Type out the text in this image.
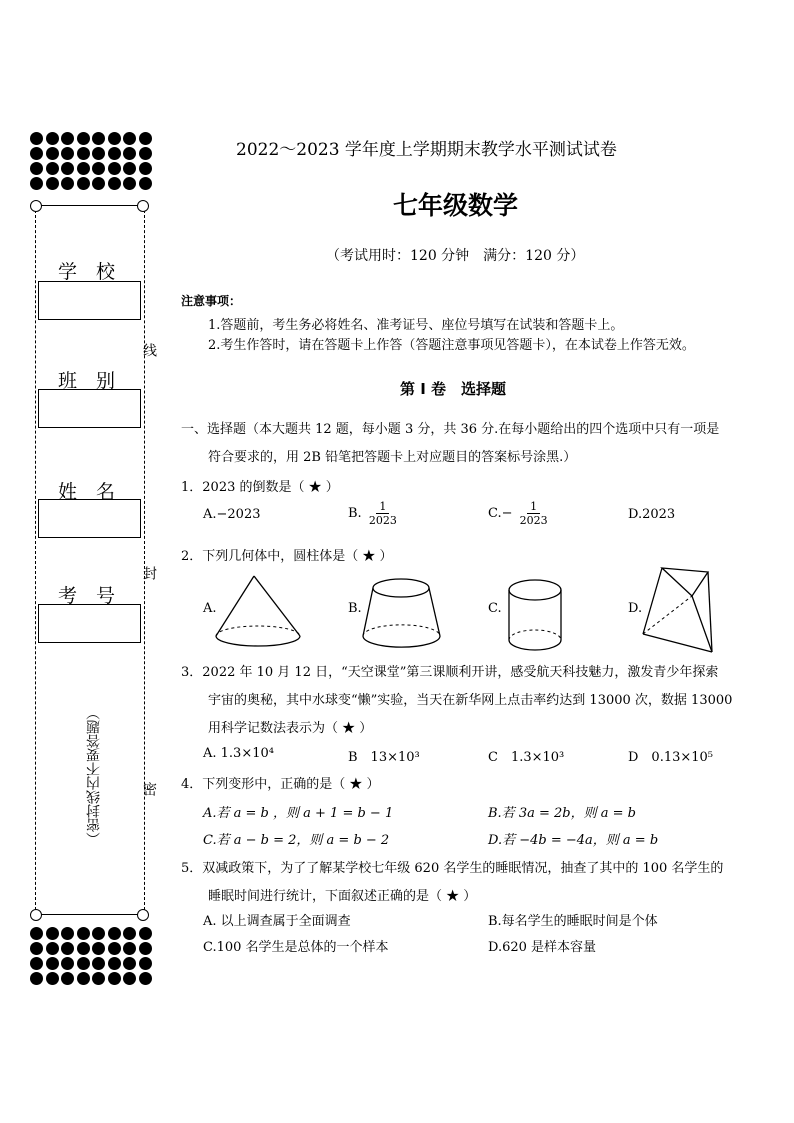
学　校
班　别
姓　名
考　号
线
封
密
（密封线内不要答题）
2022～2023 学年度上学期期末教学水平测试试卷
七年级数学
（考试用时：120 分钟　满分：120 分）
注意事项：
1.答题前，考生务必将姓名、准考证号、座位号填写在试装和答题卡上。
2.考生作答时，请在答题卡上作答（答题注意事项见答题卡），在本试卷上作答无效。
第 I 卷　选择题
一、选择题（本大题共 12 题，每小题 3 分，共 36 分.在每小题给出的四个选项中只有一项是
符合要求的，用 2B 铅笔把答题卡上对应题目的答案标号涂黑.）
1．2023 的倒数是（ ★ ）
A.−2023	B. $\frac{1}{2023}$	$C.- \frac{1}{2023}$	D.2023
2．下列几何体中，圆柱体是（ ★ ）
A.	B.	C.	D.
3．2022 年 10 月 12 日，“天空课堂”第三课顺利开讲，感受航天科技魅力，激发青少年探索
宇宙的奥秘，其中水球变“懒”实验，当天在新华网上点击率约达到 13000 次，数据 13000
用科学记数法表示为（ ★ ）
A. 1.3×10⁴	B　13×10³	C　1.3×10³	D　0.13×10⁵
4．下列变形中，正确的是（ ★ ）
A.若 a = b ，则 a + 1 = b − 1	B.若 3a = 2b，则 a = b
C.若 a − b = 2，则 a = b − 2	D.若 −4b = −4a，则 a = b
5．双减政策下，为了了解某学校七年级 620 名学生的睡眠情况，抽查了其中的 100 名学生的
睡眠时间进行统计，下面叙述正确的是（ ★ ）
A. 以上调查属于全面调查	B.每名学生的睡眠时间是个体
C.100 名学生是总体的一个样本	D.620 是样本容量
